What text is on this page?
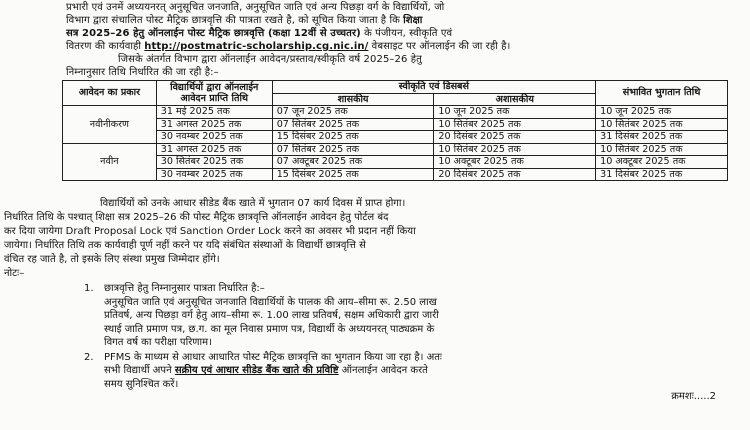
प्रभारी एवं उनमें अध्ययनरत् अनुसूचित जनजाति, अनुसूचित जाति एवं अन्य पिछड़ा वर्ग के विद्यार्थियों, जो

विभाग द्वारा संचालित पोस्ट मैट्रिक छात्रवृत्ति की पात्रता रखते है, को सूचित किया जाता है कि शिक्षा

सत्र 2025–26 हेतु ऑनलाईन पोस्ट मैट्रिक छात्रवृत्ति (कक्षा 12वीं से उच्चतर) के पंजीयन, स्वीकृति एवं

वितरण की कार्यवाही http://postmatric-scholarship.cg.nic.in/ वेबसाइट पर ऑनलाईन की जा रही है।

जिसके अंतर्गत विभाग द्वारा ऑनलाईन आवेदन/प्रस्ताव/स्वीकृति वर्ष 2025–26 हेतु

निम्नानुसार तिथि निर्धारित की जा रही है:–

आवेदन का प्रकार	विद्यार्थियों द्वारा ऑनलाईन आवेदन प्राप्ति तिथि	स्वीकृति एवं डिसबर्स		संभावित भुगतान तिथि
		शासकीय	अशासकीय	
नवीनीकरण	31 मई 2025 तक	07 जून 2025 तक	10 जून 2025 तक	10 जून 2025 तक
	31 अगस्त 2025 तक	07 सितंबर 2025 तक	10 सितंबर 2025 तक	10 सितंबर 2025 तक
	30 नवम्बर 2025 तक	15 दिसंबर 2025 तक	20 दिसंबर 2025 तक	31 दिसंबर 2025 तक
नवीन	31 अगस्त 2025 तक	07 सितंबर 2025 तक	10 सितंबर 2025 तक	10 सितंबर 2025 तक
	30 सितंबर 2025 तक	07 अक्टूबर 2025 तक	10 अक्टूबर 2025 तक	10 अक्टूबर 2025 तक
	30 नवम्बर 2025 तक	15 दिसंबर 2025 तक	20 दिसंबर 2025 तक	31 दिसंबर 2025 तक

विद्यार्थियों को उनके आधार सीडेड बैंक खाते में भुगतान 07 कार्य दिवस में प्राप्त होगा।

निर्धारित तिथि के पश्चात् शिक्षा सत्र 2025–26 की पोस्ट मैट्रिक छात्रवृत्ति ऑनलाईन आवेदन हेतु पोर्टल बंद

कर दिया जायेगा Draft Proposal Lock एवं Sanction Order Lock करने का अवसर भी प्रदान नहीं किया

जायेगा। निर्धारित तिथि तक कार्यवाही पूर्ण नहीं करने पर यदि संबंधित संस्थाओं के विद्यार्थी छात्रवृत्ति से

वंचित रह जाते है, तो इसके लिए संस्था प्रमुख जिम्मेदार होंगे।

नोटः–

1. छात्रवृत्ति हेतु निम्नानुसार पात्रता निर्धारित है:–

अनुसूचित जाति एवं अनुसूचित जनजाति विद्यार्थियों के पालक की आय–सीमा रू. 2.50 लाख

प्रतिवर्ष, अन्य पिछड़ा वर्ग हेतु आय–सीमा रू. 1.00 लाख प्रतिवर्ष, सक्षम अधिकारी द्वारा जारी

स्थाई जाति प्रमाण पत्र, छ.ग. का मूल निवास प्रमाण पत्र, विद्यार्थी के अध्ययनरत् पाठ्यक्रम के

विगत वर्ष का परीक्षा परिणाम।

2. PFMS के माध्यम से आधार आधारित पोस्ट मैट्रिक छात्रवृत्ति का भुगतान किया जा रहा है। अतः

सभी विद्यार्थी अपने सक्रीय एवं आधार सीडेड बैंक खाते की प्रविष्टि ऑनलाईन आवेदन करते

समय सुनिश्चित करें।

क्रमशः.....2
